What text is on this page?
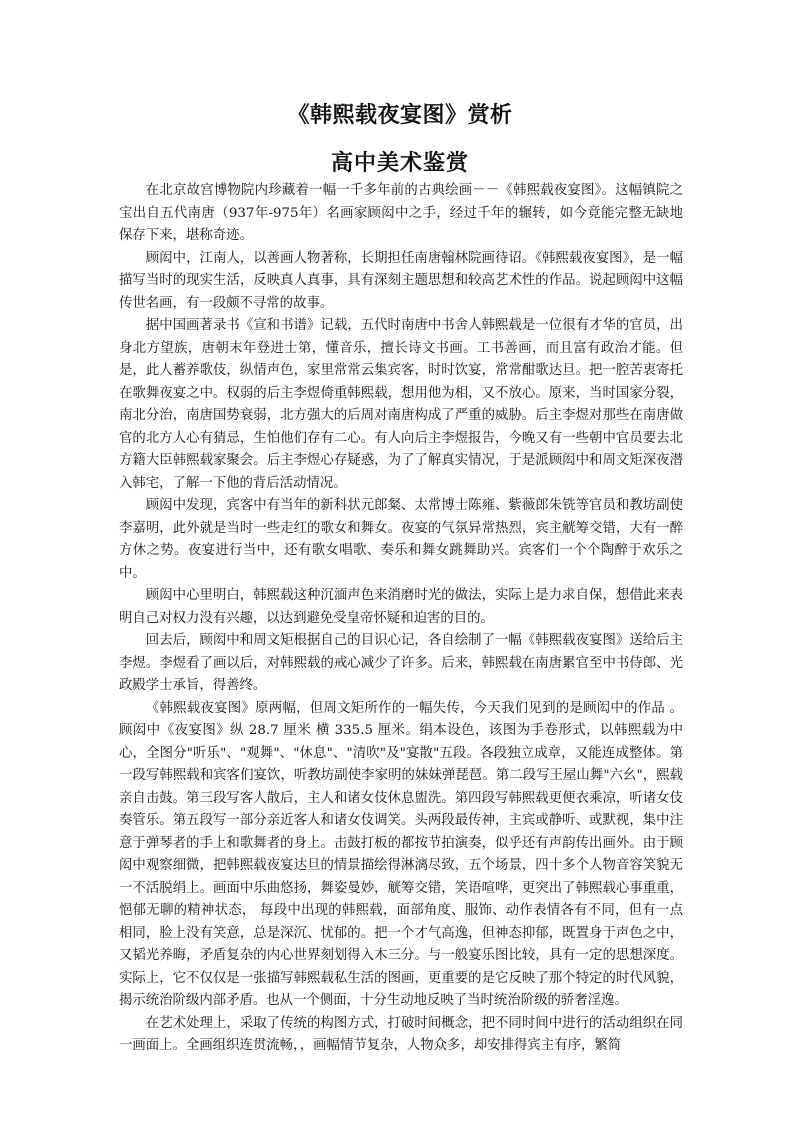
《韩熙载夜宴图》赏析
高中美术鉴赏

在北京故宫博物院内珍藏着一幅一千多年前的古典绘画－－《韩熙载夜宴图》。这幅镇院之宝出自五代南唐（937年-975年）名画家顾闳中之手，经过千年的辗转，如今竟能完整无缺地保存下来，堪称奇迹。

顾闳中，江南人，以善画人物著称，长期担任南唐翰林院画待诏。《韩熙载夜宴图》，是一幅描写当时的现实生活，反映真人真事，具有深刻主题思想和较高艺术性的作品。说起顾闳中这幅传世名画，有一段颇不寻常的故事。

据中国画著录书《宣和书谱》记载，五代时南唐中书舍人韩熙载是一位很有才华的官员，出身北方望族，唐朝末年登进士第，懂音乐，擅长诗文书画。工书善画，而且富有政治才能。但是，此人蓄养歌伎，纵情声色，家里常常云集宾客，时时饮宴，常常酣歌达旦。把一腔苦衷寄托在歌舞夜宴之中。权弱的后主李煜倚重韩熙载，想用他为相，又不放心。原来，当时国家分裂，南北分治，南唐国势衰弱，北方强大的后周对南唐构成了严重的威胁。后主李煜对那些在南唐做官的北方人心有猜忌，生怕他们存有二心。有人向后主李煜报告，今晚又有一些朝中官员要去北方籍大臣韩熙载家聚会。后主李煜心存疑惑，为了了解真实情况，于是派顾闳中和周文矩深夜潜入韩宅，了解一下他的背后活动情况。

顾闳中发现，宾客中有当年的新科状元郎粲、太常博士陈雍、紫薇郎朱铣等官员和教坊副使李嘉明，此外就是当时一些走红的歌女和舞女。夜宴的气氛异常热烈，宾主觥筹交错，大有一醉方休之势。夜宴进行当中，还有歌女唱歌、奏乐和舞女跳舞助兴。宾客们一个个陶醉于欢乐之中。

顾闳中心里明白，韩熙载这种沉湎声色来消磨时光的做法，实际上是力求自保，想借此来表明自己对权力没有兴趣，以达到避免受皇帝怀疑和迫害的目的。

回去后，顾闳中和周文矩根据自己的目识心记，各自绘制了一幅《韩熙载夜宴图》送给后主李煜。李煜看了画以后，对韩熙载的戒心减少了许多。后来，韩熙载在南唐累官至中书侍郎、光政殿学士承旨，得善终。

《韩熙载夜宴图》原两幅，但周文矩所作的一幅失传，今天我们见到的是顾闳中的作品 。顾闳中《夜宴图》纵 28.7 厘米 横 335.5 厘米。绢本设色，该图为手卷形式，以韩熙载为中心，全图分"听乐"、"观舞"、"休息"、"清吹"及"宴散"五段。各段独立成章，又能连成整体。第一段写韩熙载和宾客们宴饮，听教坊副使李家明的妹妹弹琵琶。第二段写王屋山舞"六幺"，熙载亲自击鼓。第三段写客人散后，主人和诸女伎休息盥洗。第四段写韩熙载更便衣乘凉，听诸女伎奏管乐。第五段写一部分亲近客人和诸女伎调笑。头两段最传神，主宾或静听、或默视，集中注意于弹琴者的手上和歌舞者的身上。击鼓打板的都按节拍演奏，似乎还有声韵传出画外。由于顾闳中观察细微，把韩熙载夜宴达旦的情景描绘得淋漓尽致，五个场景，四十多个人物音容笑貌无一不活脱绢上。画面中乐曲悠扬，舞姿曼妙，觥筹交错，笑语喧哗，更突出了韩熙载心事重重，悒郁无聊的精神状态， 每段中出现的韩熙载，面部角度、服饰、动作表情各有不同，但有一点相同，脸上没有笑意，总是深沉、忧郁的。把一个才气高逸，但神态抑郁，既置身于声色之中，又韬光养晦，矛盾复杂的内心世界刻划得入木三分。与一般宴乐图比较，具有一定的思想深度。 实际上，它不仅仅是一张描写韩熙载私生活的图画，更重要的是它反映了那个特定的时代风貌，揭示统治阶级内部矛盾。也从一个侧面，十分生动地反映了当时统治阶级的骄奢淫逸。

在艺术处理上，采取了传统的构图方式，打破时间概念，把不同时间中进行的活动组织在同一画面上。全画组织连贯流畅，，画幅情节复杂，人物众多，却安排得宾主有序，繁简
